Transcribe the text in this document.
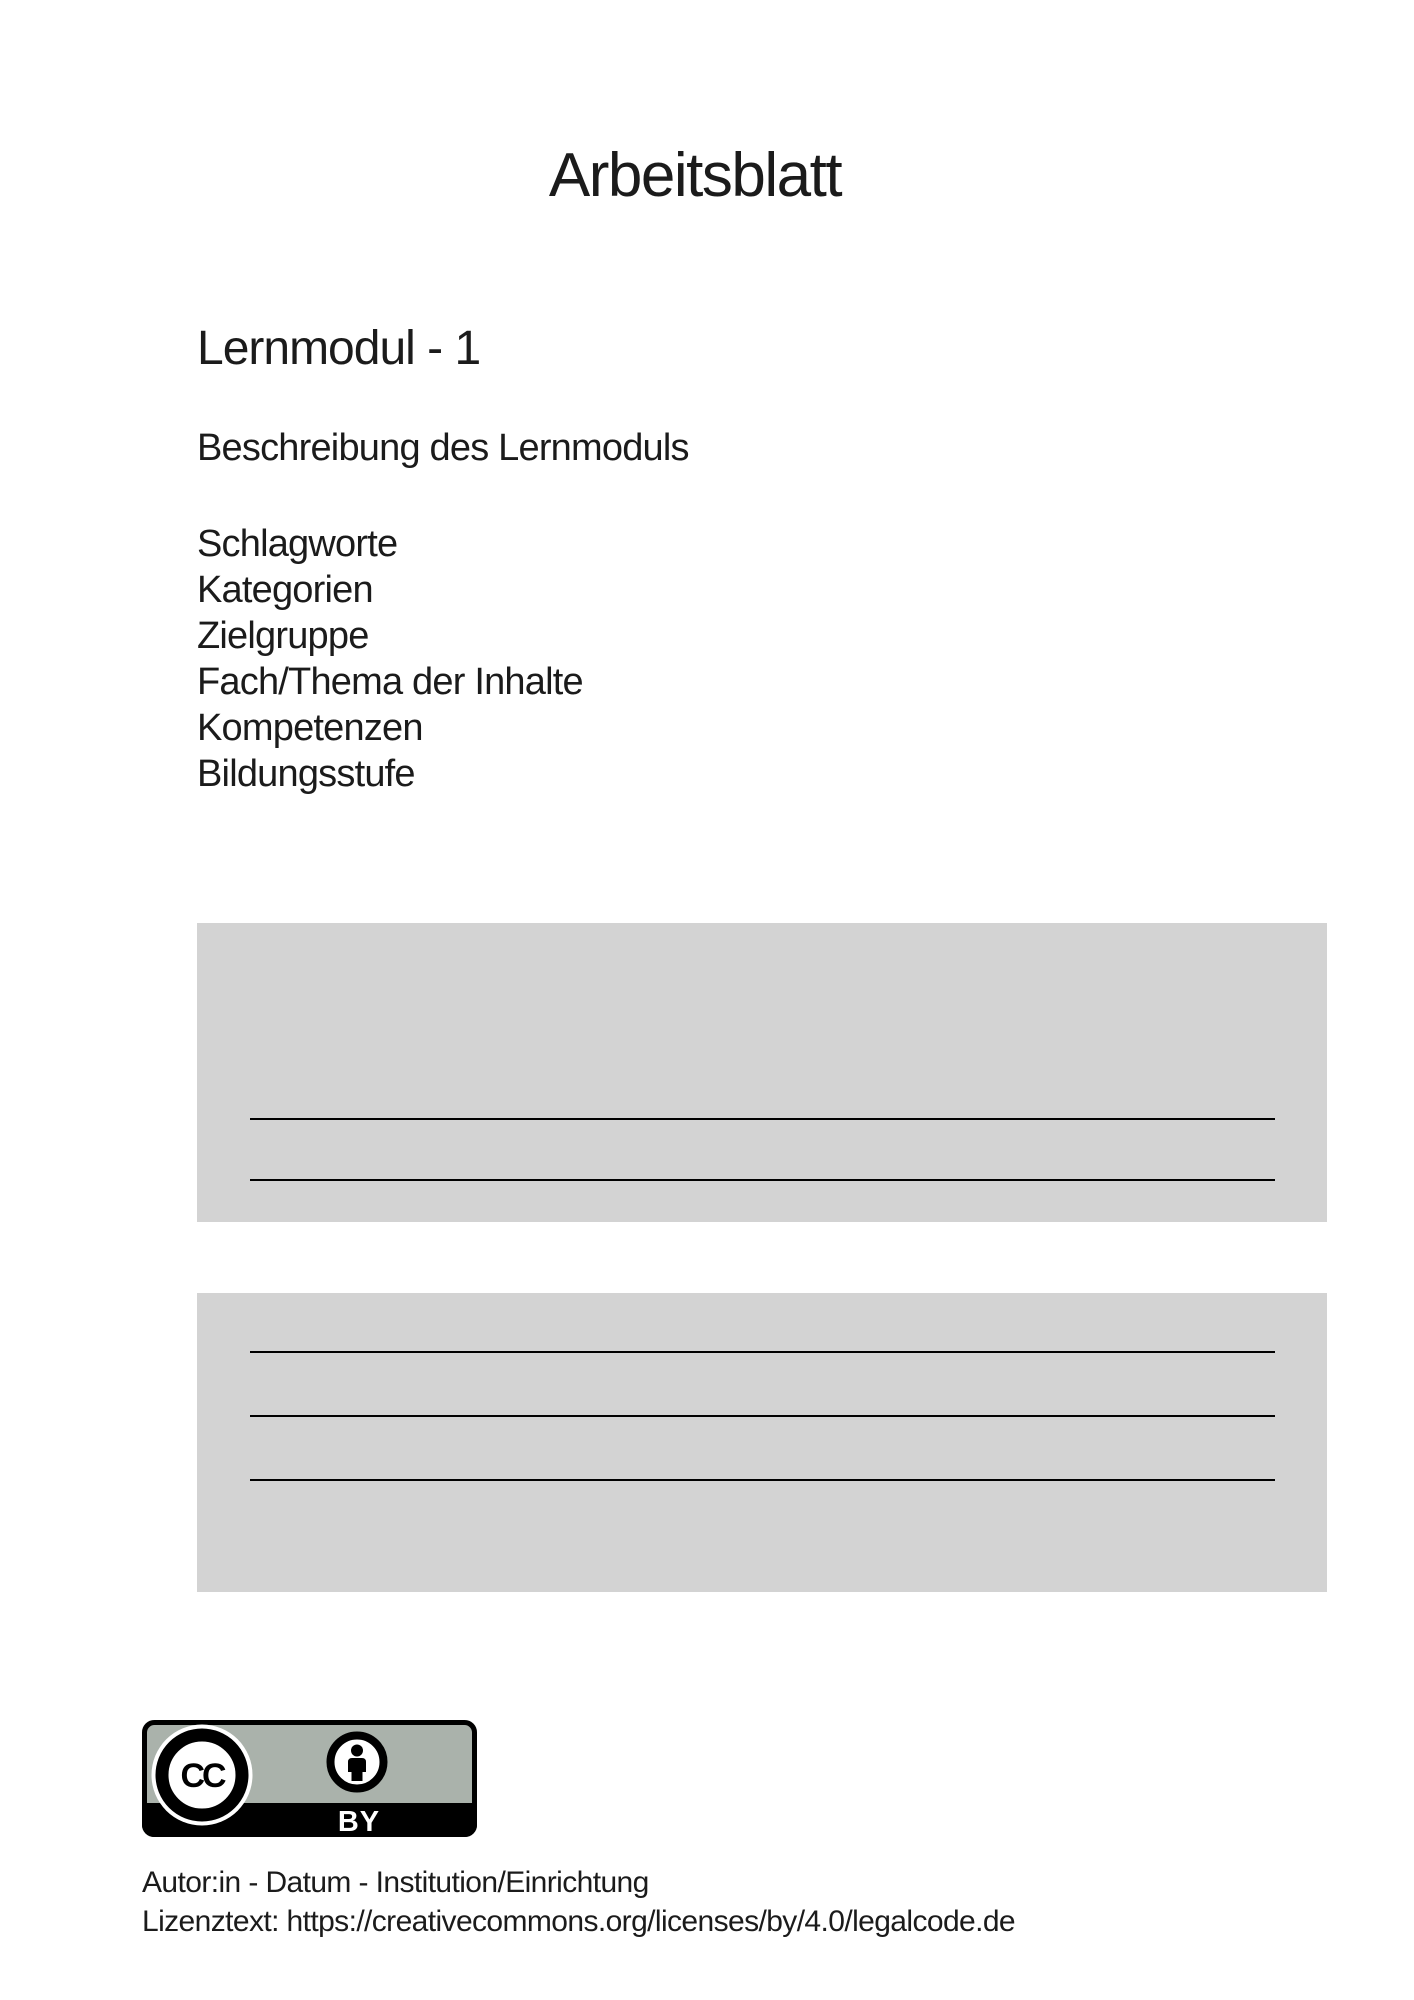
Arbeitsblatt
Lernmodul - 1

Beschreibung des Lernmoduls

Schlagworte
Kategorien
Zielgruppe
Fach/Thema der Inhalte
Kompetenzen
Bildungsstufe
CC
BY
Autor:in - Datum - Institution/Einrichtung
Lizenztext: https://creativecommons.org/licenses/by/4.0/legalcode.de
